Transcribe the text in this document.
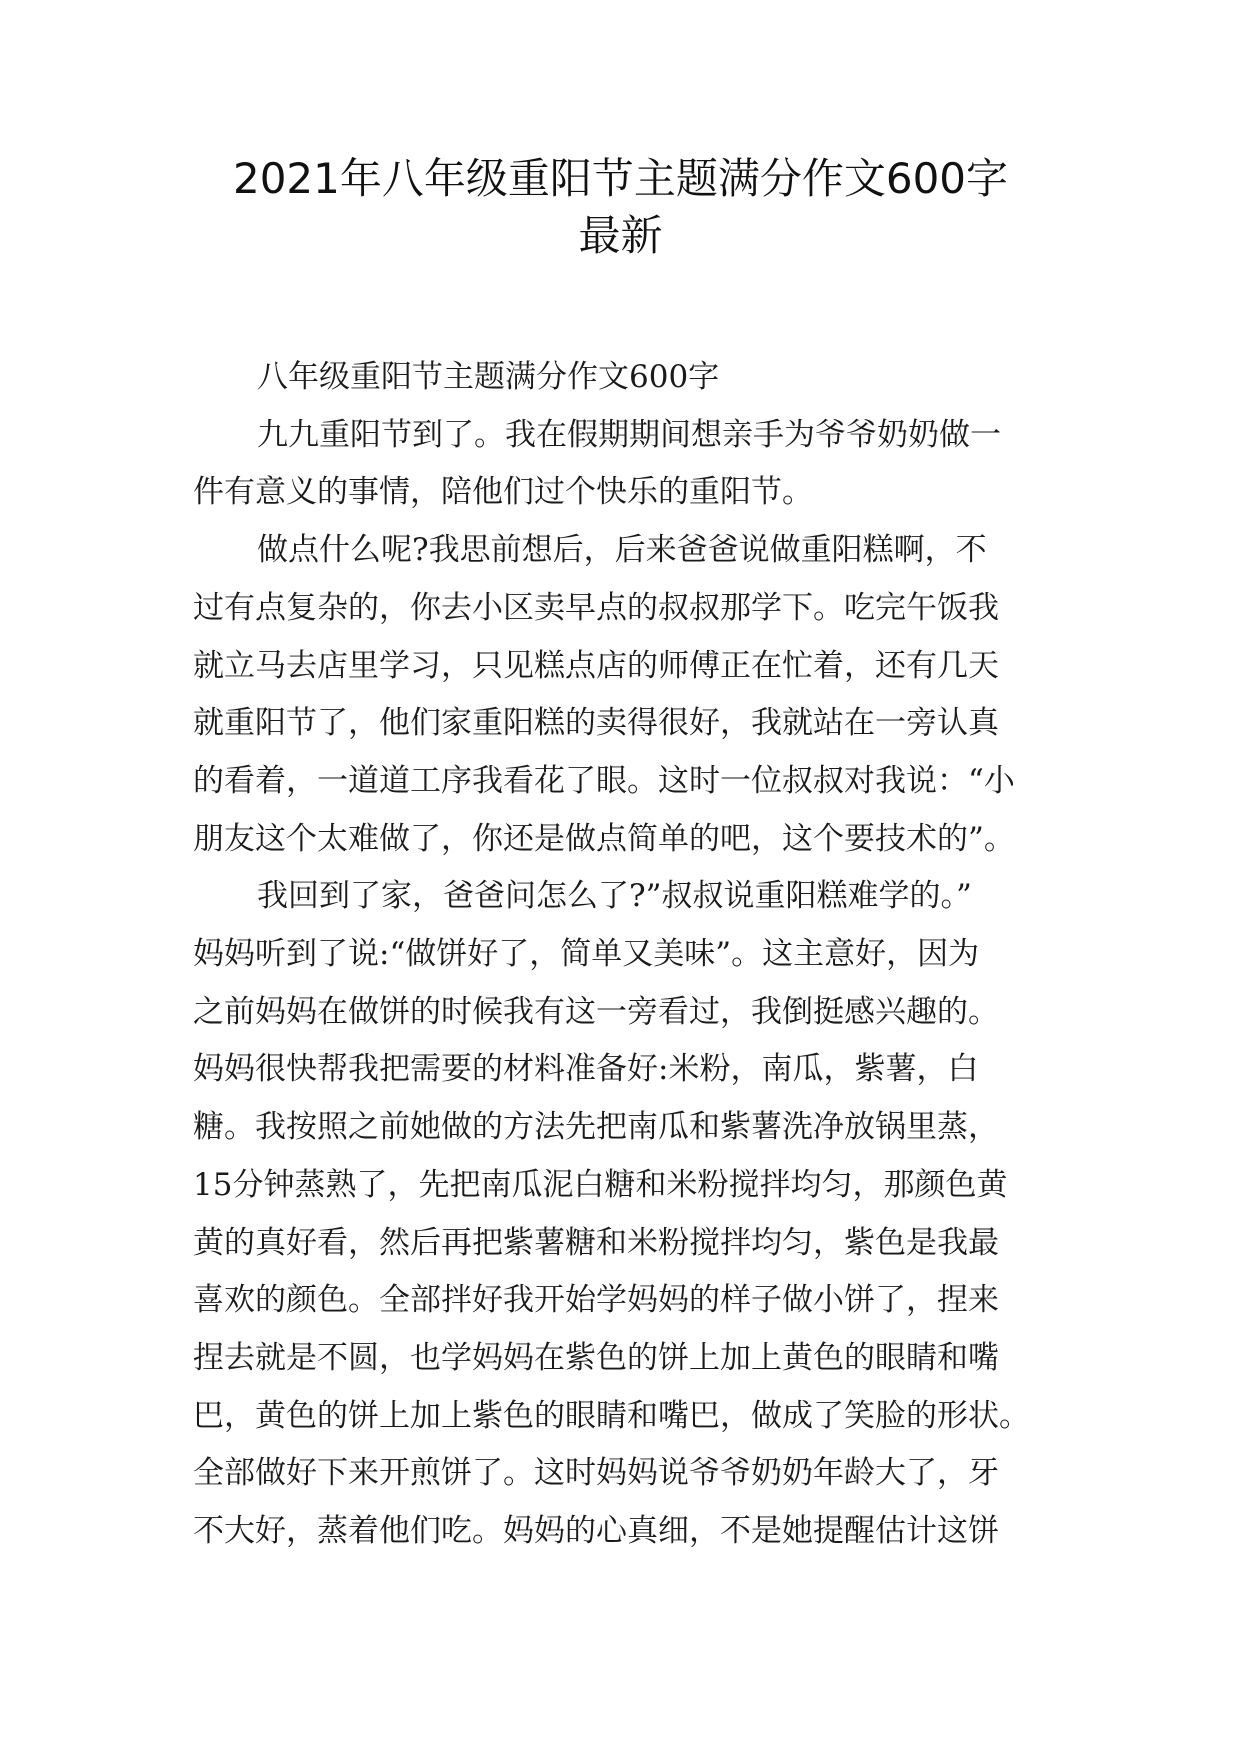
2021年八年级重阳节主题满分作文600字
最新

八年级重阳节主题满分作文600字

九九重阳节到了。我在假期期间想亲手为爷爷奶奶做一
件有意义的事情，陪他们过个快乐的重阳节。

做点什么呢?我思前想后，后来爸爸说做重阳糕啊，不
过有点复杂的，你去小区卖早点的叔叔那学下。吃完午饭我
就立马去店里学习，只见糕点店的师傅正在忙着，还有几天
就重阳节了，他们家重阳糕的卖得很好，我就站在一旁认真
的看着，一道道工序我看花了眼。这时一位叔叔对我说：“小
朋友这个太难做了，你还是做点简单的吧，这个要技术的”。

我回到了家，爸爸问怎么了?”叔叔说重阳糕难学的。”
妈妈听到了说:“做饼好了，简单又美味”。这主意好，因为
之前妈妈在做饼的时候我有这一旁看过，我倒挺感兴趣的。
妈妈很快帮我把需要的材料准备好:米粉，南瓜，紫薯，白
糖。我按照之前她做的方法先把南瓜和紫薯洗净放锅里蒸，
15分钟蒸熟了，先把南瓜泥白糖和米粉搅拌均匀，那颜色黄
黄的真好看，然后再把紫薯糖和米粉搅拌均匀，紫色是我最
喜欢的颜色。全部拌好我开始学妈妈的样子做小饼了，捏来
捏去就是不圆，也学妈妈在紫色的饼上加上黄色的眼睛和嘴
巴，黄色的饼上加上紫色的眼睛和嘴巴，做成了笑脸的形状。
全部做好下来开煎饼了。这时妈妈说爷爷奶奶年龄大了，牙
不大好，蒸着他们吃。妈妈的心真细，不是她提醒估计这饼
